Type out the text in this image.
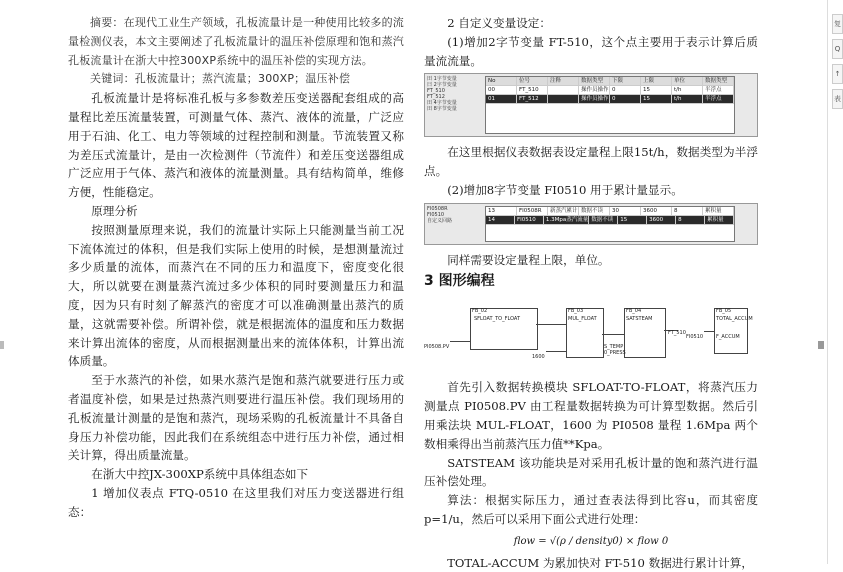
摘要：在现代工业生产领域，孔板流量计是一种使用比较多的流量检测仪表，本文主要阐述了孔板流量计的温压补偿原理和饱和蒸汽孔板流量计在浙大中控300XP系统中的温压补偿的实现方法。

关键词：孔板流量计；蒸汽流量；300XP；温压补偿

孔板流量计是将标准孔板与多参数差压变送器配套组成的高量程比差压流量装置，可测量气体、蒸汽、液体的流量，广泛应用于石油、化工、电力等领域的过程控制和测量。节流装置又称为差压式流量计，是由一次检测件（节流件）和差压变送器组成广泛应用于气体、蒸汽和液体的流量测量。具有结构简单，维修方便，性能稳定。

原理分析

按照测量原理来说，我们的流量计实际上只能测量当前工况下流体流过的体积，但是我们实际上使用的时候，是想测量流过多少质量的流体，而蒸汽在不同的压力和温度下，密度变化很大，所以就要在测量蒸汽流过多少体积的同时要测量压力和温度，因为只有时刻了解蒸汽的密度才可以准确测量出蒸汽的质量，这就需要补偿。所谓补偿，就是根据流体的温度和压力数据来计算出流体的密度，从而根据测量出来的流体体积，计算出流体质量。

至于水蒸汽的补偿，如果水蒸汽是饱和蒸汽就要进行压力或者温度补偿，如果是过热蒸汽则要进行温压补偿。我们现场用的孔板流量计测量的是饱和蒸汽，现场采购的孔板流量计不具备自身压力补偿功能，因此我们在系统组态中进行压力补偿，通过相关计算，得出质量流量。

在浙大中控JX-300XP系统中具体组态如下

1 增加仪表点 FTQ-0510 在这里我们对压力变送器进行组态：

2 自定义变量设定：

(1)增加2字节变量 FT-510，这个点主要用于表示计算后质量流流量。

田 1字节变量
曰 2字节变量
FT_510
FT_512
田 4字节变量
田 8字节变量
No	位号	注释	数据类型	下限	上限	单位	数据类型
00	FT_510	操作员操作 0	15	t/h	半浮点
01	FT_512	操作员操作 0	15	t/h	半浮点

在这里根据仪表数据表设定量程上限15t/h，数据类型为半浮点。

(2)增加8字节变量 FI0510 用于累计量显示。

FI0508R
FI0510
自定义回路
13	FI0508R	新蒸汽累计 数据不读	30	3600	8	累积量
14	FI0510	1.3Mpa蒸汽流量 数据不读	15	3600	8	累积量

同样需要设定量程上限，单位。

3 图形编程

PI0508.PV
FB_02
SFLOAT_TO_FLOAT
1600
FB_03
MUL_FLOAT
FB_04
SATSTEAM
S_TEMP
0_PRESS
FT_510
FI0510
FB_05
TOTAL_ACCUM
F_ACCUM

首先引入数据转换模块 SFLOAT-TO-FLOAT，将蒸汽压力测量点 PI0508.PV 由工程量数据转换为可计算型数据。然后引用乘法块 MUL-FLOAT，1600 为 PI0508 量程 1.6Mpa 两个数相乘得出当前蒸汽压力值**Kpa。

SATSTEAM 该功能块是对采用孔板计量的饱和蒸汽进行温压补偿处理。

算法：根据实际压力，通过查表法得到比容u，而其密度 p=1/u，然后可以采用下面公式进行处理：

flow = √(ρ / density0) × flow 0

TOTAL-ACCUM 为累加快对 FT-510 数据进行累计计算，

复
Q
↑
表
